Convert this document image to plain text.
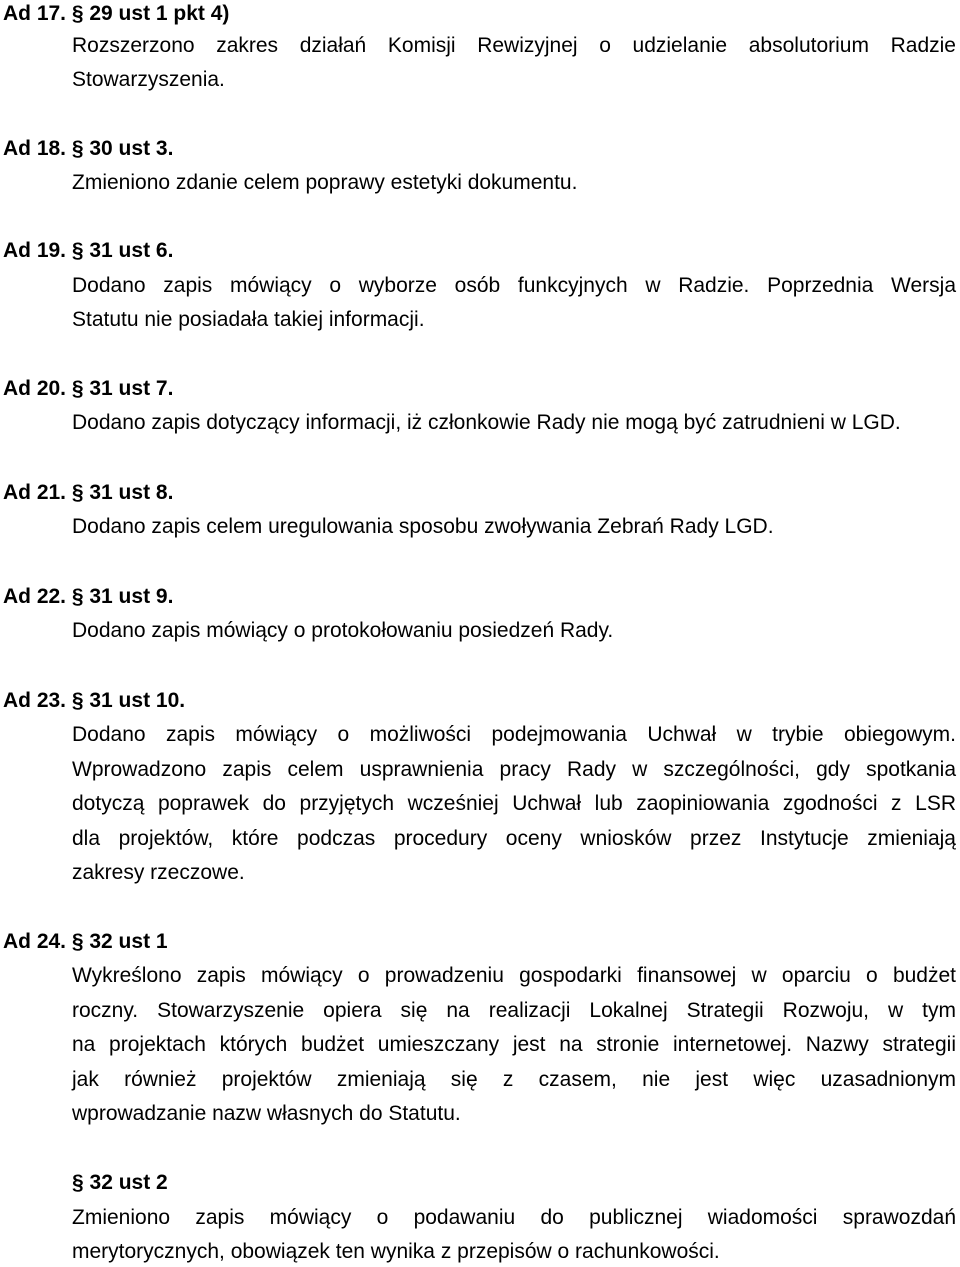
Ad 17. § 29 ust 1 pkt 4)
Rozszerzono zakres działań Komisji Rewizyjnej o udzielanie absolutorium Radzie
Stowarzyszenia.
Ad 18. § 30 ust 3.
Zmieniono zdanie celem poprawy estetyki dokumentu.
Ad 19. § 31 ust 6.
Dodano zapis mówiący o wyborze osób funkcyjnych w Radzie. Poprzednia Wersja
Statutu nie posiadała takiej informacji.
Ad 20. § 31 ust 7.
Dodano zapis dotyczący informacji, iż członkowie Rady nie mogą być zatrudnieni w LGD.
Ad 21. § 31 ust 8.
Dodano zapis celem uregulowania sposobu zwoływania Zebrań Rady LGD.
Ad 22. § 31 ust 9.
Dodano zapis mówiący o protokołowaniu posiedzeń Rady.
Ad 23. § 31 ust 10.
Dodano zapis mówiący o możliwości podejmowania Uchwał w trybie obiegowym.
Wprowadzono zapis celem usprawnienia pracy Rady w szczególności, gdy spotkania
dotyczą poprawek do przyjętych wcześniej Uchwał lub zaopiniowania zgodności z LSR
dla projektów, które podczas procedury oceny wniosków przez Instytucje zmieniają
zakresy rzeczowe.
Ad 24. § 32 ust 1
Wykreślono zapis mówiący o prowadzeniu gospodarki finansowej w oparciu o budżet
roczny. Stowarzyszenie opiera się na realizacji Lokalnej Strategii Rozwoju, w tym
na projektach których budżet umieszczany jest na stronie internetowej. Nazwy strategii
jak również projektów zmieniają się z czasem, nie jest więc uzasadnionym
wprowadzanie nazw własnych do Statutu.
§ 32 ust 2
Zmieniono zapis mówiący o podawaniu do publicznej wiadomości sprawozdań
merytorycznych, obowiązek ten wynika z przepisów o rachunkowości.
